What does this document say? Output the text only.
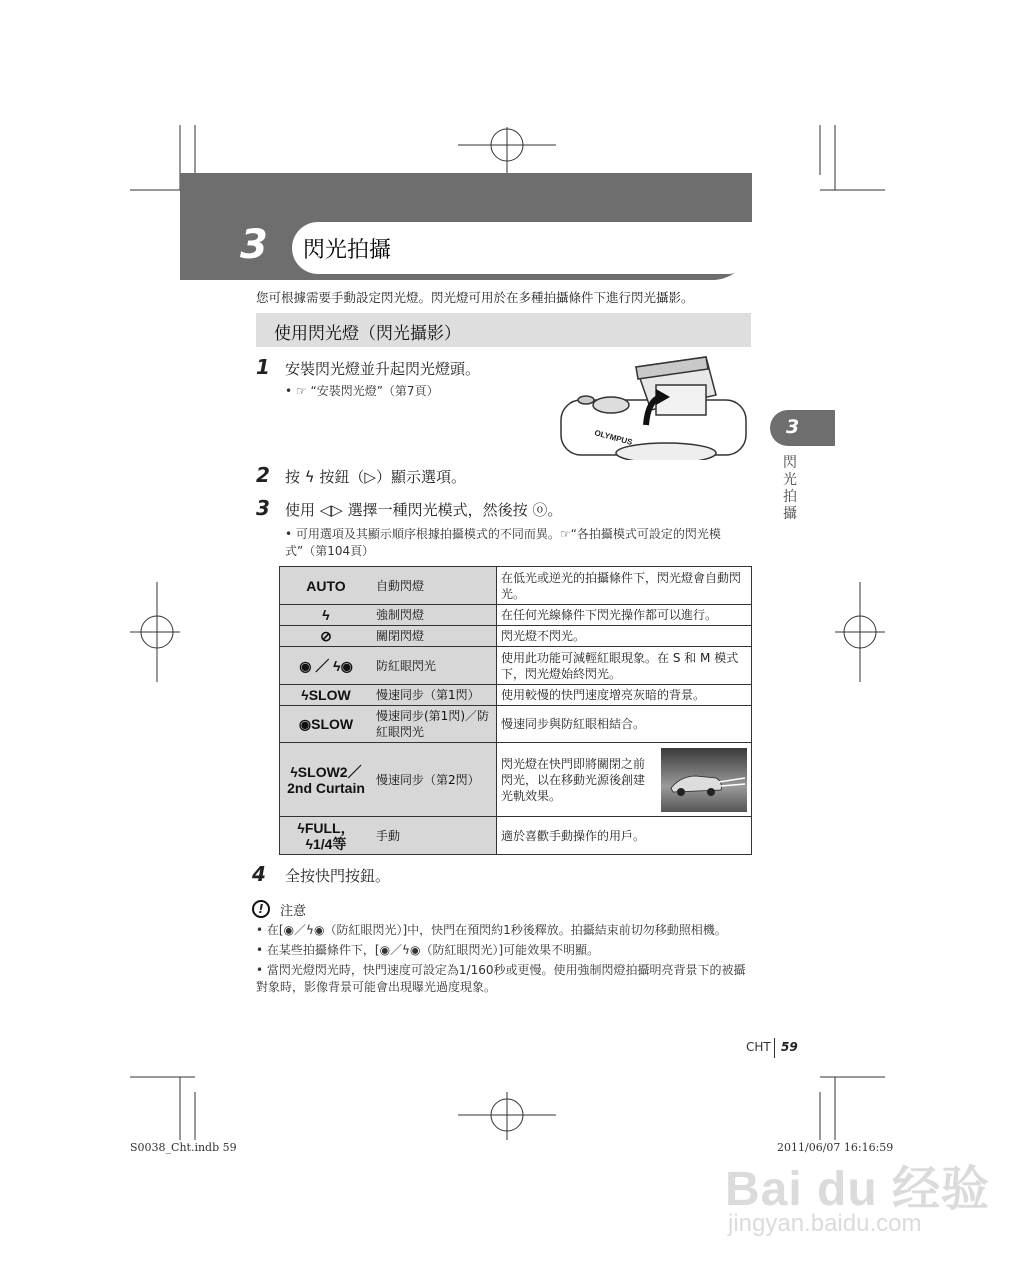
3 閃光拍攝
您可根據需要手動設定閃光燈。閃光燈可用於在多種拍攝條件下進行閃光攝影。
使用閃光燈（閃光攝影）
1 安裝閃光燈並升起閃光燈頭。
• ☞ “安裝閃光燈”（第7頁）
OLYMPUS
2 按 ϟ 按鈕（▷）顯示選項。
3 使用 ◁▷ 選擇一種閃光模式，然後按 ⓞ。
• 可用選項及其顯示順序根據拍攝模式的不同而異。☞“各拍攝模式可設定的閃光模式”（第104頁）
AUTO	自動閃燈	在低光或逆光的拍攝條件下，閃光燈會自動閃光。
ϟ	強制閃燈	在任何光線條件下閃光操作都可以進行。
⊘	關閉閃燈	閃光燈不閃光。
◉ ／ ϟ◉	防紅眼閃光	使用此功能可減輕紅眼現象。在 S 和 M 模式下，閃光燈始終閃光。
ϟSLOW	慢速同步（第1閃）	使用較慢的快門速度增亮灰暗的背景。
◉SLOW	慢速同步(第1閃)／防紅眼閃光	慢速同步與防紅眼相結合。
ϟSLOW2／2nd Curtain	慢速同步（第2閃）	閃光燈在快門即將關閉之前閃光，以在移動光源後創建光軌效果。

ϟFULL，ϟ1/4等	手動	適於喜歡手動操作的用戶。
4 全按快門按鈕。
!	注意
• 在[◉／ϟ◉（防紅眼閃光）]中，快門在預閃約1秒後釋放。拍攝結束前切勿移動照相機。
• 在某些拍攝條件下，[◉／ϟ◉（防紅眼閃光）]可能效果不明顯。
• 當閃光燈閃光時，快門速度可設定為1/160秒或更慢。使用強制閃燈拍攝明亮背景下的被攝對象時，影像背景可能會出現曝光過度現象。
3
閃光拍攝
CHT 59
S0038_Cht.indb 59	2011/06/07 16:16:59
Bai du 经验
jingyan.baidu.com
